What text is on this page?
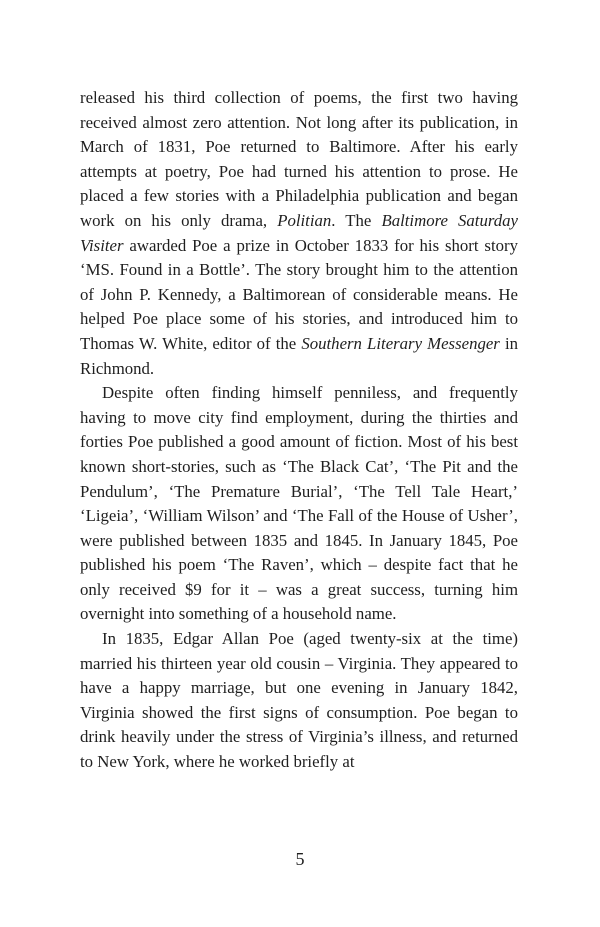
released his third collection of poems, the first two having received almost zero attention. Not long after its publication, in March of 1831, Poe returned to Baltimore. After his early attempts at poetry, Poe had turned his attention to prose. He placed a few stories with a Philadelphia publication and began work on his only drama, Politian. The Baltimore Saturday Visiter awarded Poe a prize in October 1833 for his short story ‘MS. Found in a Bottle’. The story brought him to the attention of John P. Kennedy, a Baltimorean of considerable means. He helped Poe place some of his stories, and introduced him to Thomas W. White, editor of the Southern Literary Messenger in Richmond.

Despite often finding himself penniless, and frequently having to move city find employment, during the thirties and forties Poe published a good amount of fiction. Most of his best known short-stories, such as ‘The Black Cat’, ‘The Pit and the Pendulum’, ‘The Premature Burial’, ‘The Tell Tale Heart,’ ‘Ligeia’, ‘William Wilson’ and ‘The Fall of the House of Usher’, were published between 1835 and 1845. In January 1845, Poe published his poem ‘The Raven’, which – despite fact that he only received $9 for it – was a great success, turning him overnight into something of a household name.

In 1835, Edgar Allan Poe (aged twenty-six at the time) married his thirteen year old cousin – Virginia. They appeared to have a happy marriage, but one evening in January 1842, Virginia showed the first signs of consumption. Poe began to drink heavily under the stress of Virginia’s illness, and returned to New York, where he worked briefly at

5
